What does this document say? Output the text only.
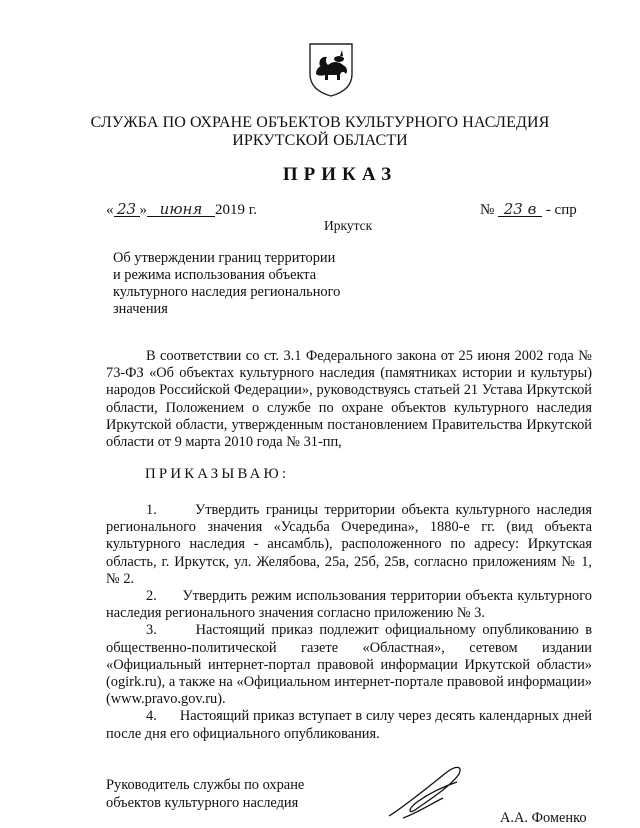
СЛУЖБА ПО ОХРАНЕ ОБЪЕКТОВ КУЛЬТУРНОГО НАСЛЕДИЯ
ИРКУТСКОЙ ОБЛАСТИ
ПРИКАЗ
« 23 » июня 2019 г.	№ 23 в - спр
Иркутск
Об утверждении границ территории
и режима использования объекта
культурного наследия регионального
значения

В соответствии со ст. 3.1 Федерального закона от 25 июня 2002 года № 73-ФЗ «Об объектах культурного наследия (памятниках истории и культуры) народов Российской Федерации», руководствуясь статьей 21 Устава Иркутской области, Положением о службе по охране объектов культурного наследия Иркутской области, утвержденным постановлением Правительства Иркутской области от 9 марта 2010 года № 31-пп,

ПРИКАЗЫВАЮ:

1.	Утвердить границы территории объекта культурного наследия регионального значения «Усадьба Очередина», 1880-е гг. (вид объекта культурного наследия - ансамбль), расположенного по адресу: Иркутская область, г. Иркутск, ул. Желябова, 25а, 25б, 25в, согласно приложениям № 1, № 2.

2. Утвердить режим использования территории объекта культурного наследия регионального значения согласно приложению № 3.

3.	Настоящий приказ подлежит официальному опубликованию в общественно-политической газете «Областная», сетевом издании «Официальный интернет-портал правовой информации Иркутской области» (ogirk.ru), а также на «Официальном интернет-портале правовой информации» (www.pravo.gov.ru).

4. Настоящий приказ вступает в силу через десять календарных дней после дня его официального опубликования.

Руководитель службы по охране
объектов культурного наследия
А.А. Фоменко
